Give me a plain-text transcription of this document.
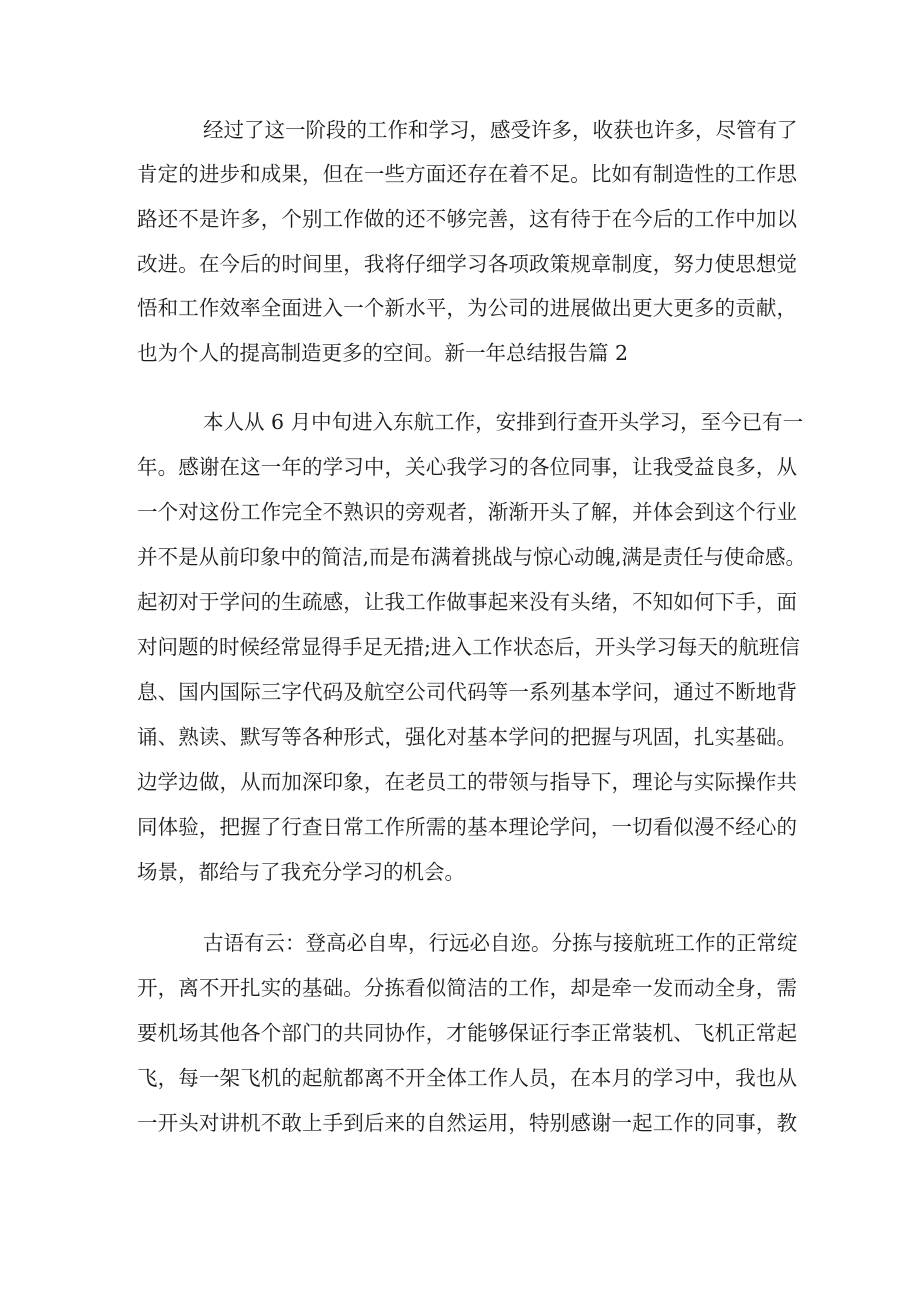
经过了这一阶段的工作和学习，感受许多，收获也许多，尽管有了
肯定的进步和成果，但在一些方面还存在着不足。比如有制造性的工作思
路还不是许多，个别工作做的还不够完善，这有待于在今后的工作中加以
改进。在今后的时间里，我将仔细学习各项政策规章制度，努力使思想觉
悟和工作效率全面进入一个新水平，为公司的进展做出更大更多的贡献，
也为个人的提高制造更多的空间。新一年总结报告篇 2
本人从 6 月中旬进入东航工作，安排到行查开头学习，至今已有一
年。感谢在这一年的学习中，关心我学习的各位同事，让我受益良多，从
一个对这份工作完全不熟识的旁观者，渐渐开头了解，并体会到这个行业
并不是从前印象中的简洁,而是布满着挑战与惊心动魄,满是责任与使命感。
起初对于学问的生疏感，让我工作做事起来没有头绪，不知如何下手，面
对问题的时候经常显得手足无措;进入工作状态后，开头学习每天的航班信
息、国内国际三字代码及航空公司代码等一系列基本学问，通过不断地背
诵、熟读、默写等各种形式，强化对基本学问的把握与巩固，扎实基础。
边学边做，从而加深印象，在老员工的带领与指导下，理论与实际操作共
同体验，把握了行查日常工作所需的基本理论学问，一切看似漫不经心的
场景，都给与了我充分学习的机会。
古语有云：登高必自卑，行远必自迩。分拣与接航班工作的正常绽
开，离不开扎实的基础。分拣看似简洁的工作，却是牵一发而动全身，需
要机场其他各个部门的共同协作，才能够保证行李正常装机、飞机正常起
飞，每一架飞机的起航都离不开全体工作人员，在本月的学习中，我也从
一开头对讲机不敢上手到后来的自然运用，特别感谢一起工作的同事，教
